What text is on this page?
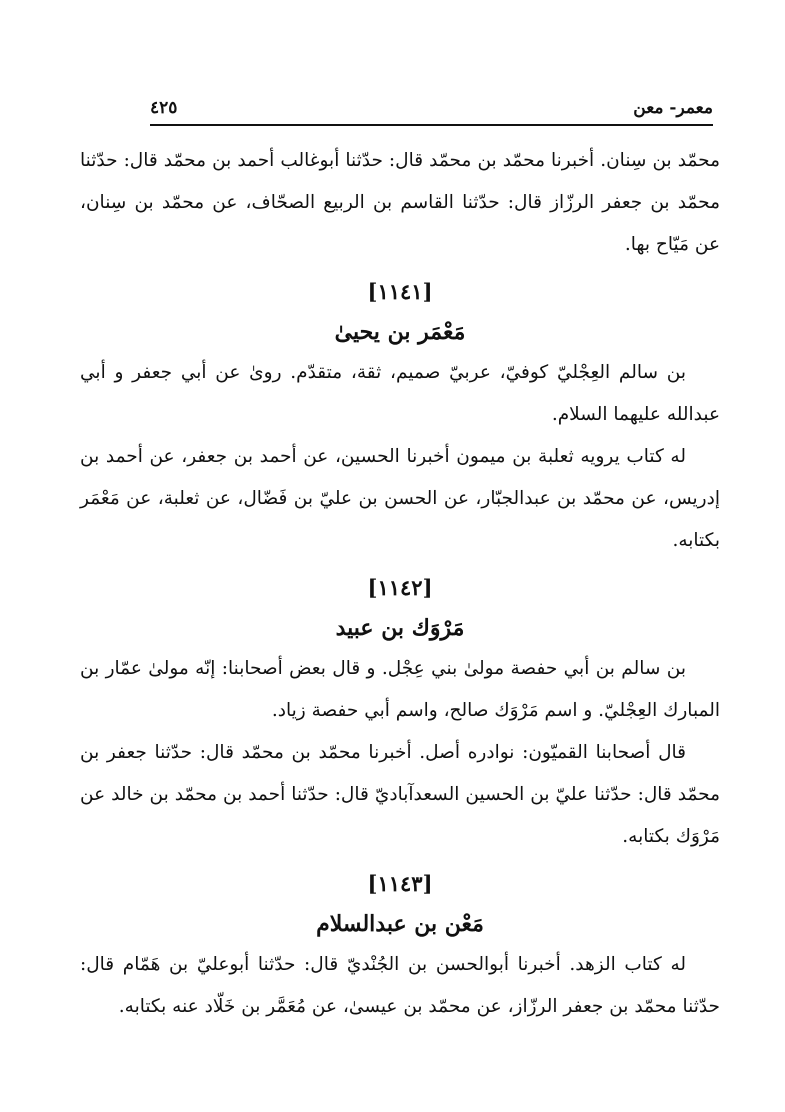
معمر- معن
٤٢٥

محمّد بن سِنان. أخبرنا محمّد بن محمّد قال: حدّثنا أبوغالب أحمد بن محمّد قال: حدّثنا محمّد بن جعفر الرزّاز قال: حدّثنا القاسم بن الربيع الصحّاف، عن محمّد بن سِنان، عن مَيّاح بها.

[١١٤١]
مَعْمَر بن يحيىٰ

بن سالم العِجْليّ كوفيّ، عربيّ صميم، ثقة، متقدّم. روىٰ عن أبي جعفر و أبي عبدالله عليهما السلام.

له كتاب يرويه ثعلبة بن ميمون أخبرنا الحسين، عن أحمد بن جعفر، عن أحمد بن إدريس، عن محمّد بن عبدالجبّار، عن الحسن بن عليّ بن فَضّال، عن ثعلبة، عن مَعْمَر بكتابه.

[١١٤٢]
مَرْوَك بن عبيد

بن سالم بن أبي حفصة مولىٰ بني عِجْل. و قال بعض أصحابنا: إنّه مولىٰ عمّار بن المبارك العِجْليّ. و اسم مَرْوَك صالح، واسم أبي حفصة زياد.

قال أصحابنا القميّون: نوادره أصل. أخبرنا محمّد بن محمّد قال: حدّثنا جعفر بن محمّد قال: حدّثنا عليّ بن الحسين السعدآباديّ قال: حدّثنا أحمد بن محمّد بن خالد عن مَرْوَك بكتابه.

[١١٤٣]
مَعْن بن عبدالسلام

له كتاب الزهد. أخبرنا أبوالحسن بن الجُنْديّ قال: حدّثنا أبوعليّ بن هَمّام قال: حدّثنا محمّد بن جعفر الرزّاز، عن محمّد بن عيسىٰ، عن مُعَمَّر بن خَلّاد عنه بكتابه.
